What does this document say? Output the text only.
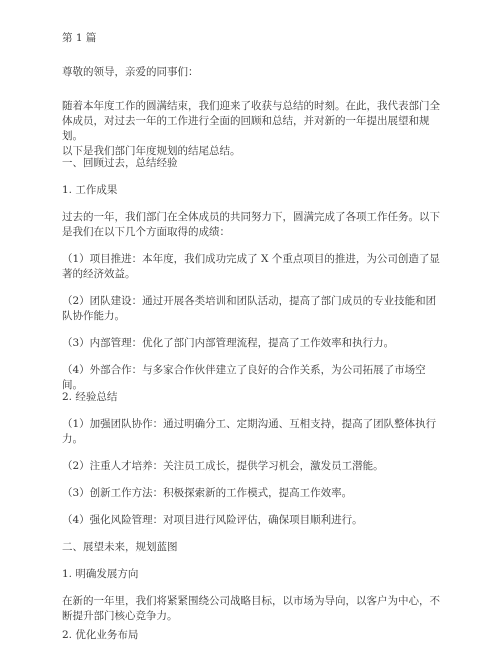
第 1 篇

尊敬的领导，亲爱的同事们：

随着本年度工作的圆满结束，我们迎来了收获与总结的时刻。在此，我代表部门全
体成员，对过去一年的工作进行全面的回顾和总结，并对新的一年提出展望和规划。
以下是我们部门年度规划的结尾总结。

一、回顾过去，总结经验

1. 工作成果

过去的一年，我们部门在全体成员的共同努力下，圆满完成了各项工作任务。以下
是我们在以下几个方面取得的成绩：

（1）项目推进：本年度，我们成功完成了 X 个重点项目的推进，为公司创造了显
著的经济效益。

（2）团队建设：通过开展各类培训和团队活动，提高了部门成员的专业技能和团
队协作能力。

（3）内部管理：优化了部门内部管理流程，提高了工作效率和执行力。

（4）外部合作：与多家合作伙伴建立了良好的合作关系，为公司拓展了市场空间。

2. 经验总结

（1）加强团队协作：通过明确分工、定期沟通、互相支持，提高了团队整体执行
力。

（2）注重人才培养：关注员工成长，提供学习机会，激发员工潜能。

（3）创新工作方法：积极探索新的工作模式，提高工作效率。

（4）强化风险管理：对项目进行风险评估，确保项目顺利进行。

二、展望未来，规划蓝图

1. 明确发展方向

在新的一年里，我们将紧紧围绕公司战略目标，以市场为导向，以客户为中心，不
断提升部门核心竞争力。

2. 优化业务布局
